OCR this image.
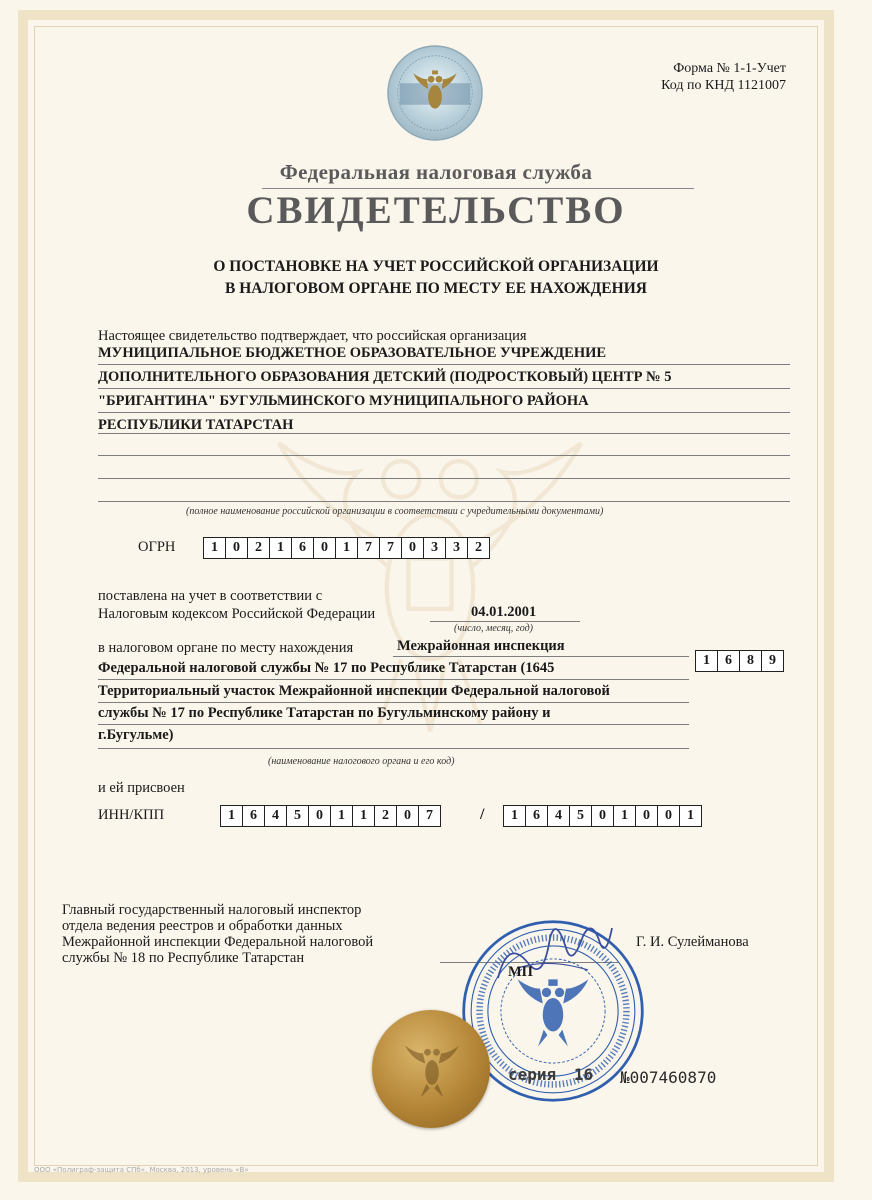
Форма № 1-1-Учет
Код по КНД 1121007
Федеральная налоговая служба
СВИДЕТЕЛЬСТВО
О ПОСТАНОВКЕ НА УЧЕТ РОССИЙСКОЙ ОРГАНИЗАЦИИ
В НАЛОГОВОМ ОРГАНЕ ПО МЕСТУ ЕЕ НАХОЖДЕНИЯ
Настоящее свидетельство подтверждает, что российская организация
МУНИЦИПАЛЬНОЕ БЮДЖЕТНОЕ ОБРАЗОВАТЕЛЬНОЕ УЧРЕЖДЕНИЕ
ДОПОЛНИТЕЛЬНОГО ОБРАЗОВАНИЯ ДЕТСКИЙ (ПОДРОСТКОВЫЙ) ЦЕНТР № 5
"БРИГАНТИНА" БУГУЛЬМИНСКОГО МУНИЦИПАЛЬНОГО РАЙОНА
РЕСПУБЛИКИ ТАТАРСТАН
(полное наименование российской организации в соответствии с учредительными документами)
ОГРН	1	0	2	1	6	0	1	7	7	0	3	3	2
поставлена на учет в соответствии с
Налоговым кодексом Российской Федерации	04.01.2001
(число, месяц, год)
в налоговом органе по месту нахождения	Межрайонная инспекция
Федеральной налоговой службы № 17 по Республике Татарстан (1645
Территориальный участок Межрайонной инспекции Федеральной налоговой
службы № 17 по Республике Татарстан по Бугульминскому району и
г.Бугульме)
(наименование налогового органа и его код)
1	6	8	9
и ей присвоен
ИНН/КПП	1	6	4	5	0	1	1	2	0	7	/	1	6	4	5	0	1	0	0	1
Главный государственный налоговый инспектор
отдела ведения реестров и обработки данных
Межрайонной инспекции Федеральной налоговой
службы № 18 по Республике Татарстан
Г. И. Сулейманова
МП
серия 16 №007460870
ООО «Полиграф-защита СПб», Москва, 2013, уровень «В»
